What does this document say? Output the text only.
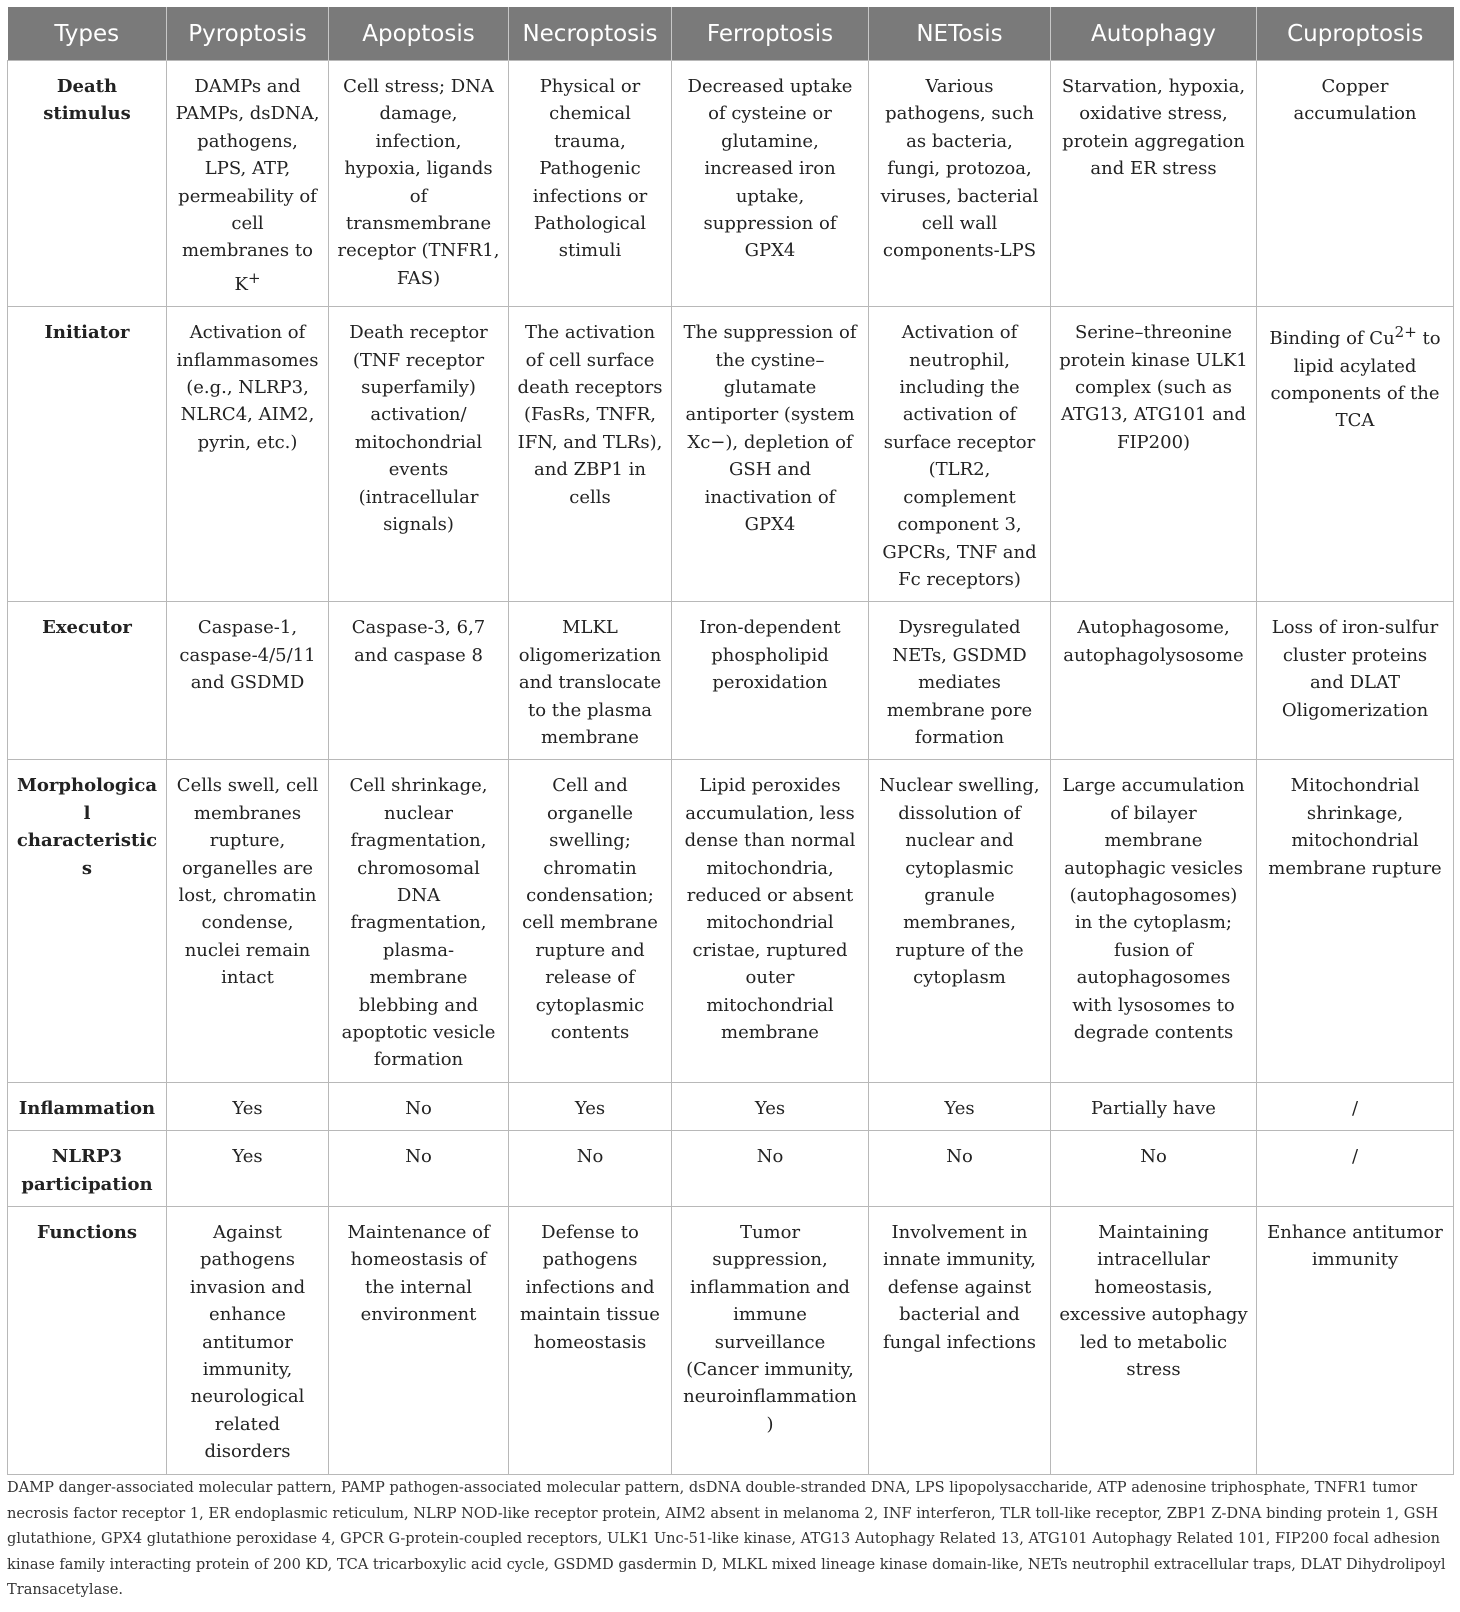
Types	Pyroptosis	Apoptosis	Necroptosis	Ferroptosis	NETosis	Autophagy	Cuproptosis
Death stimulus	DAMPs and PAMPs, dsDNA, pathogens, LPS, ATP, permeability of cell membranes to K+	Cell stress; DNA damage, infection, hypoxia, ligands of transmembrane receptor (TNFR1, FAS)	Physical or chemical trauma, Pathogenic infections or Pathological stimuli	Decreased uptake of cysteine or glutamine, increased iron uptake, suppression of GPX4	Various pathogens, such as bacteria, fungi, protozoa, viruses, bacterial cell wall components-LPS	Starvation, hypoxia, oxidative stress, protein aggregation and ER stress	Copper accumulation
Initiator	Activation of inflammasomes (e.g., NLRP3, NLRC4, AIM2, pyrin, etc.)	Death receptor (TNF receptor superfamily) activation/ mitochondrial events (intracellular signals)	The activation of cell surface death receptors (FasRs, TNFR, IFN, and TLRs), and ZBP1 in cells	The suppression of the cystine–glutamate antiporter (system Xc−), depletion of GSH and inactivation of GPX4	Activation of neutrophil, including the activation of surface receptor (TLR2, complement component 3, GPCRs, TNF and Fc receptors)	Serine–threonine protein kinase ULK1 complex (such as ATG13, ATG101 and FIP200)	Binding of $Cu^{2+}$ to lipid acylated components of the TCA
Executor	Caspase-1, caspase-4/5/11 and GSDMD	Caspase-3, 6,7 and caspase 8	MLKL oligomerization and translocate to the plasma membrane	Iron-dependent phospholipid peroxidation	Dysregulated NETs, GSDMD mediates membrane pore formation	Autophagosome, autophagolysosome	Loss of iron-sulfur cluster proteins and DLAT Oligomerization
Morphological characteristics	Cells swell, cell membranes rupture, organelles are lost, chromatin condense, nuclei remain intact	Cell shrinkage, nuclear fragmentation, chromosomal DNA fragmentation, plasma-membrane blebbing and apoptotic vesicle formation	Cell and organelle swelling; chromatin condensation; cell membrane rupture and release of cytoplasmic contents	Lipid peroxides accumulation, less dense than normal mitochondria, reduced or absent mitochondrial cristae, ruptured outer mitochondrial membrane	Nuclear swelling, dissolution of nuclear and cytoplasmic granule membranes, rupture of the cytoplasm	Large accumulation of bilayer membrane autophagic vesicles (autophagosomes) in the cytoplasm; fusion of autophagosomes with lysosomes to degrade contents	Mitochondrial shrinkage, mitochondrial membrane rupture
Inflammation	Yes	No	Yes	Yes	Yes	Partially have	/
NLRP3 participation	Yes	No	No	No	No	No	/
Functions	Against pathogens invasion and enhance antitumor immunity, neurological related disorders	Maintenance of homeostasis of the internal environment	Defense to pathogens infections and maintain tissue homeostasis	Tumor suppression, inflammation and immune surveillance (Cancer immunity, neuroinflammation)	Involvement in innate immunity, defense against bacterial and fungal infections	Maintaining intracellular homeostasis, excessive autophagy led to metabolic stress	Enhance antitumor immunity
DAMP danger-associated molecular pattern, PAMP pathogen-associated molecular pattern, dsDNA double-stranded DNA, LPS lipopolysaccharide, ATP adenosine triphosphate, TNFR1 tumor necrosis factor receptor 1, ER endoplasmic reticulum, NLRP NOD-like receptor protein, AIM2 absent in melanoma 2, INF interferon, TLR toll-like receptor, ZBP1 Z-DNA binding protein 1, GSH glutathione, GPX4 glutathione peroxidase 4, GPCR G-protein-coupled receptors, ULK1 Unc-51-like kinase, ATG13 Autophagy Related 13, ATG101 Autophagy Related 101, FIP200 focal adhesion kinase family interacting protein of 200 KD, TCA tricarboxylic acid cycle, GSDMD gasdermin D, MLKL mixed lineage kinase domain-like, NETs neutrophil extracellular traps, DLAT Dihydrolipoyl Transacetylase.
